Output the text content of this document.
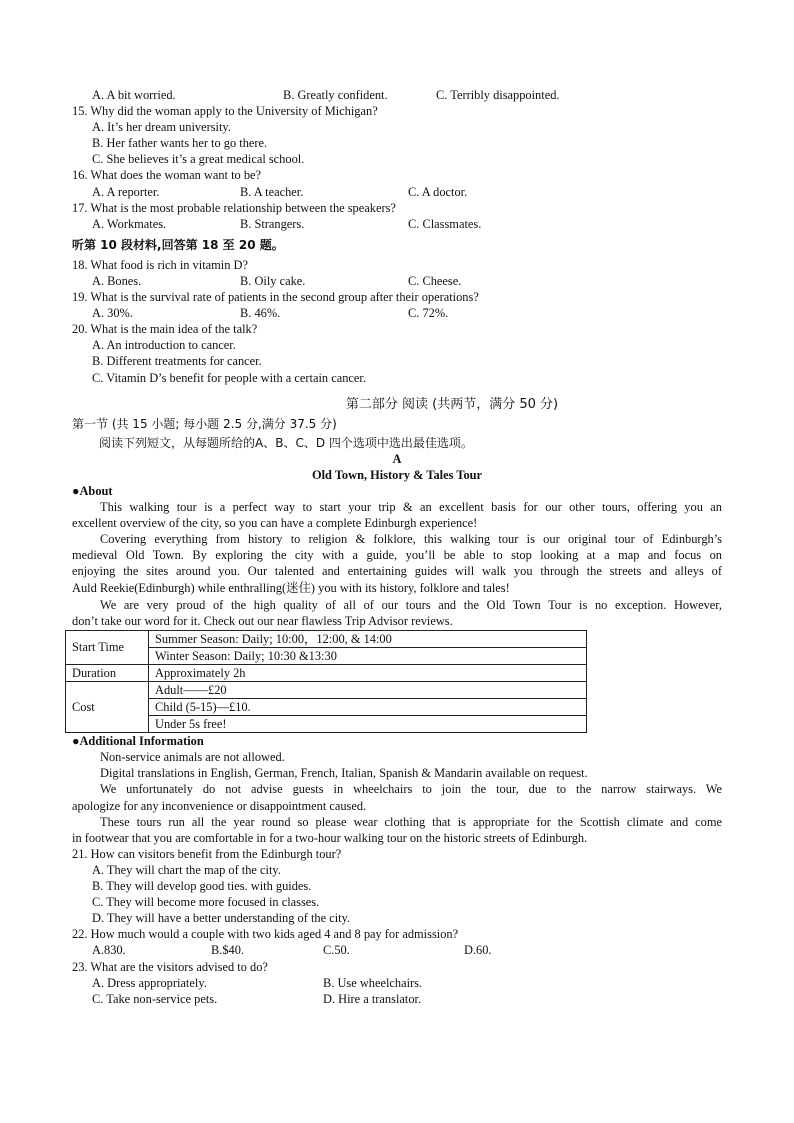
A. A bit worried.	B. Greatly confident.	C. Terribly disappointed.
15. Why did the woman apply to the University of Michigan?
A. It’s her dream university.
B. Her father wants her to go there.
C. She believes it’s a great medical school.
16. What does the woman want to be?
A. A reporter.	B. A teacher.	C. A doctor.
17. What is the most probable relationship between the speakers?
A. Workmates.	B. Strangers.	C. Classmates.
听第 10 段材料,回答第 18 至 20 题。
18. What food is rich in vitamin D?
A. Bones.	B. Oily cake.	C. Cheese.
19. What is the survival rate of patients in the second group after their operations?
A. 30%.	B. 46%.	C. 72%.
20. What is the main idea of the talk?
A. An introduction to cancer.
B. Different treatments for cancer.
C. Vitamin D’s benefit for people with a certain cancer.
第二部分 阅读 (共两节，满分 50 分)
第一节 (共 15 小题; 每小题 2.5 分,满分 37.5 分)
阅读下列短文，从每题所给的A、B、C、D 四个选项中选出最佳选项。
A
Old Town, History & Tales Tour
●About
This walking tour is a perfect way to start your trip & an excellent basis for our other tours, offering you an
excellent overview of the city, so you can have a complete Edinburgh experience!
Covering everything from history to religion & folklore, this walking tour is our original tour of Edinburgh’s
medieval Old Town. By exploring the city with a guide, you’ll be able to stop looking at a map and focus on
enjoying the sites around you. Our talented and entertaining guides will walk you through the streets and alleys of
Auld Reekie(Edinburgh) while enthralling(迷住) you with its history, folklore and tales!
We are very proud of the high quality of all of our tours and the Old Town Tour is no exception. However,
don’t take our word for it. Check out our near flawless Trip Advisor reviews.
Start Time	Summer Season: Daily; 10:00，12:00, & 14:00
	Winter Season: Daily; 10:30 &13:30
Duration	Approximately 2h
Cost	Adult——£20
	Child (5-15)—£10.
	Under 5s free!
●Additional Information
Non-service animals are not allowed.
Digital translations in English, German, French, Italian, Spanish & Mandarin available on request.
We unfortunately do not advise guests in wheelchairs to join the tour, due to the narrow stairways. We
apologize for any inconvenience or disappointment caused.
These tours run all the year round so please wear clothing that is appropriate for the Scottish climate and come
in footwear that you are comfortable in for a two-hour walking tour on the historic streets of Edinburgh.
21. How can visitors benefit from the Edinburgh tour?
A. They will chart the map of the city.
B. They will develop good ties. with guides.
C. They will become more focused in classes.
D. They will have a better understanding of the city.
22. How much would a couple with two kids aged 4 and 8 pay for admission?
A.830.	B.$40.	C.50.	D.60.
23. What are the visitors advised to do?
A. Dress appropriately.	B. Use wheelchairs.
C. Take non-service pets.	D. Hire a translator.
